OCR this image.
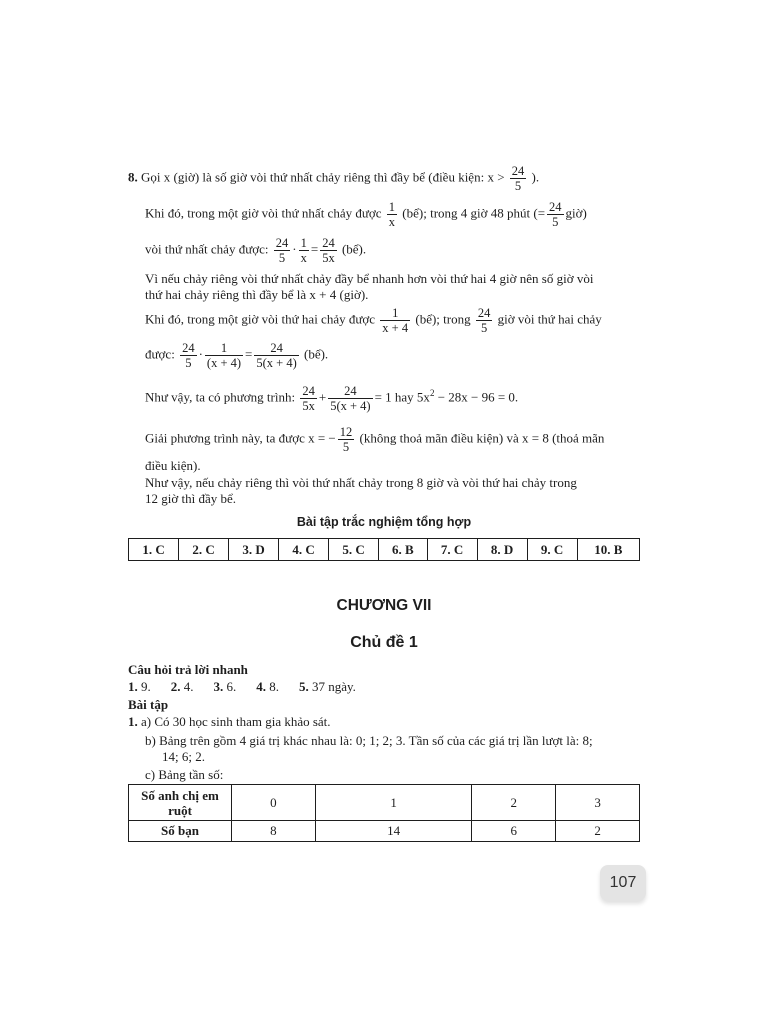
8. Gọi x (giờ) là số giờ vòi thứ nhất chảy riêng thì đầy bể (điều kiện: $x > \frac{24}{5}$ ).
Khi đó, trong một giờ vòi thứ nhất chảy được $\frac{1}{x}$ (bể); trong 4 giờ 48 phút (= $\frac{24}{5}$ giờ)
vòi thứ nhất chảy được: $\frac{24}{5} \cdot \frac{1}{x} = \frac{24}{5x}$ (bể).
Vì nếu chảy riêng vòi thứ nhất chảy đầy bể nhanh hơn vòi thứ hai 4 giờ nên số giờ vòi
thứ hai chảy riêng thì đầy bể là x + 4 (giờ).
Khi đó, trong một giờ vòi thứ hai chảy được $\frac{1}{x + 4}$ (bể); trong $\frac{24}{5}$ giờ vòi thứ hai chảy
được: $\frac{24}{5} \cdot \frac{1}{(x + 4)} = \frac{24}{5(x + 4)}$ (bể).
Như vậy, ta có phương trình: $\frac{24}{5x} + \frac{24}{5(x + 4)} = 1$ hay $5x^2 - 28x - 96 = 0$.
Giải phương trình này, ta được x = − $\frac{12}{5}$ (không thoả mãn điều kiện) và x = 8 (thoả mãn
điều kiện).
Như vậy, nếu chảy riêng thì vòi thứ nhất chảy trong 8 giờ và vòi thứ hai chảy trong
12 giờ thì đầy bể.
Bài tập trắc nghiệm tổng hợp
1. C	2. C	3. D	4. C	5. C	6. B	7. C	8. D	9. C	10. B
CHƯƠNG VII
Chủ đề 1
Câu hỏi trả lời nhanh
1. 9. 2. 4. 3. 6. 4. 8. 5. 37 ngày.
Bài tập
1. a) Có 30 học sinh tham gia khảo sát.
b) Bảng trên gồm 4 giá trị khác nhau là: 0; 1; 2; 3. Tần số của các giá trị lần lượt là: 8;
14; 6; 2.
c) Bảng tần số:
Số anh chị em
ruột	0	1	2	3
Số bạn	8	14	6	2
107
